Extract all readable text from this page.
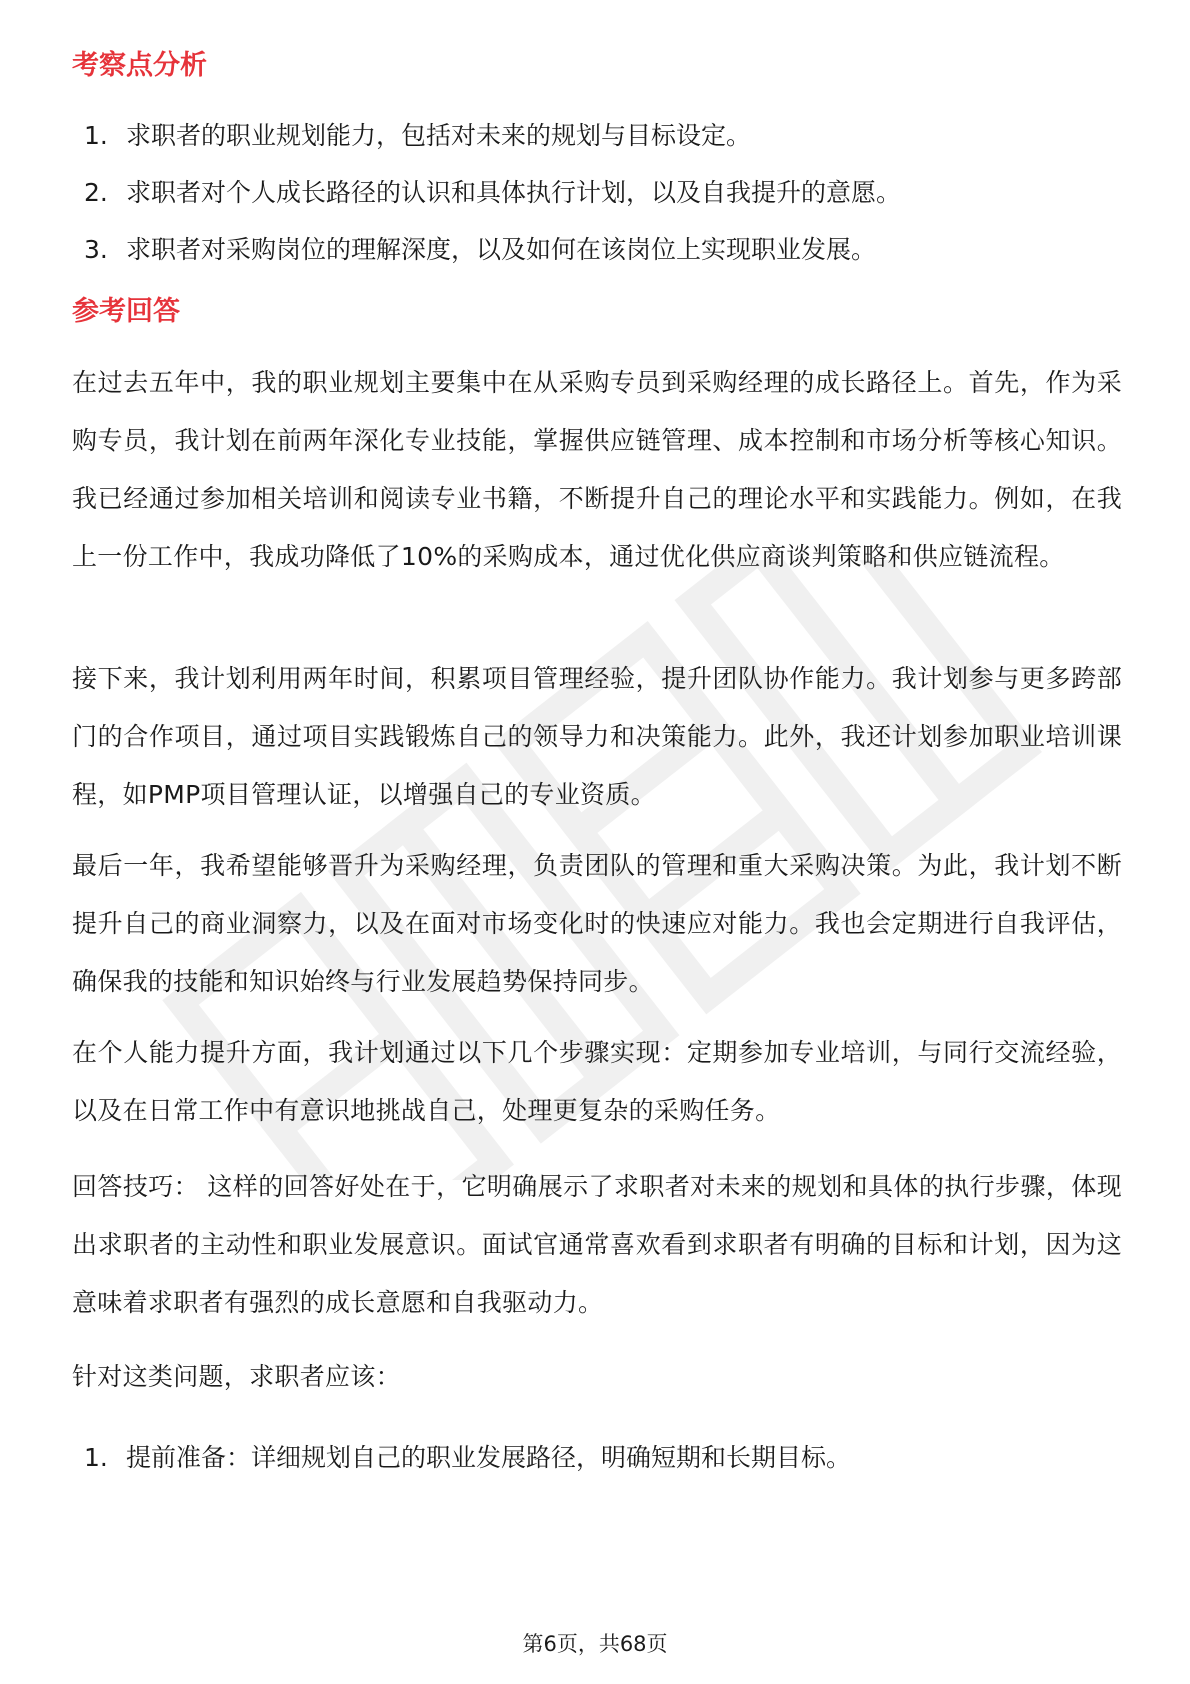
考察点分析
1. 求职者的职业规划能力，包括对未来的规划与目标设定。
2. 求职者对个人成长路径的认识和具体执行计划，以及自我提升的意愿。
3. 求职者对采购岗位的理解深度，以及如何在该岗位上实现职业发展。
参考回答

在过去五年中，我的职业规划主要集中在从采购专员到采购经理的成长路径上。首先，作为采购专员，我计划在前两年深化专业技能，掌握供应链管理、成本控制和市场分析等核心知识。我已经通过参加相关培训和阅读专业书籍，不断提升自己的理论水平和实践能力。例如，在我上一份工作中，我成功降低了10%的采购成本，通过优化供应商谈判策略和供应链流程。

接下来，我计划利用两年时间，积累项目管理经验，提升团队协作能力。我计划参与更多跨部门的合作项目，通过项目实践锻炼自己的领导力和决策能力。此外，我还计划参加职业培训课程，如PMP项目管理认证，以增强自己的专业资质。

最后一年，我希望能够晋升为采购经理，负责团队的管理和重大采购决策。为此，我计划不断提升自己的商业洞察力，以及在面对市场变化时的快速应对能力。我也会定期进行自我评估，确保我的技能和知识始终与行业发展趋势保持同步。

在个人能力提升方面，我计划通过以下几个步骤实现：定期参加专业培训，与同行交流经验，以及在日常工作中有意识地挑战自己，处理更复杂的采购任务。

回答技巧： 这样的回答好处在于，它明确展示了求职者对未来的规划和具体的执行步骤，体现出求职者的主动性和职业发展意识。面试官通常喜欢看到求职者有明确的目标和计划，因为这意味着求职者有强烈的成长意愿和自我驱动力。

针对这类问题，求职者应该：

1. 提前准备：详细规划自己的职业发展路径，明确短期和长期目标。
第6页，共68页
